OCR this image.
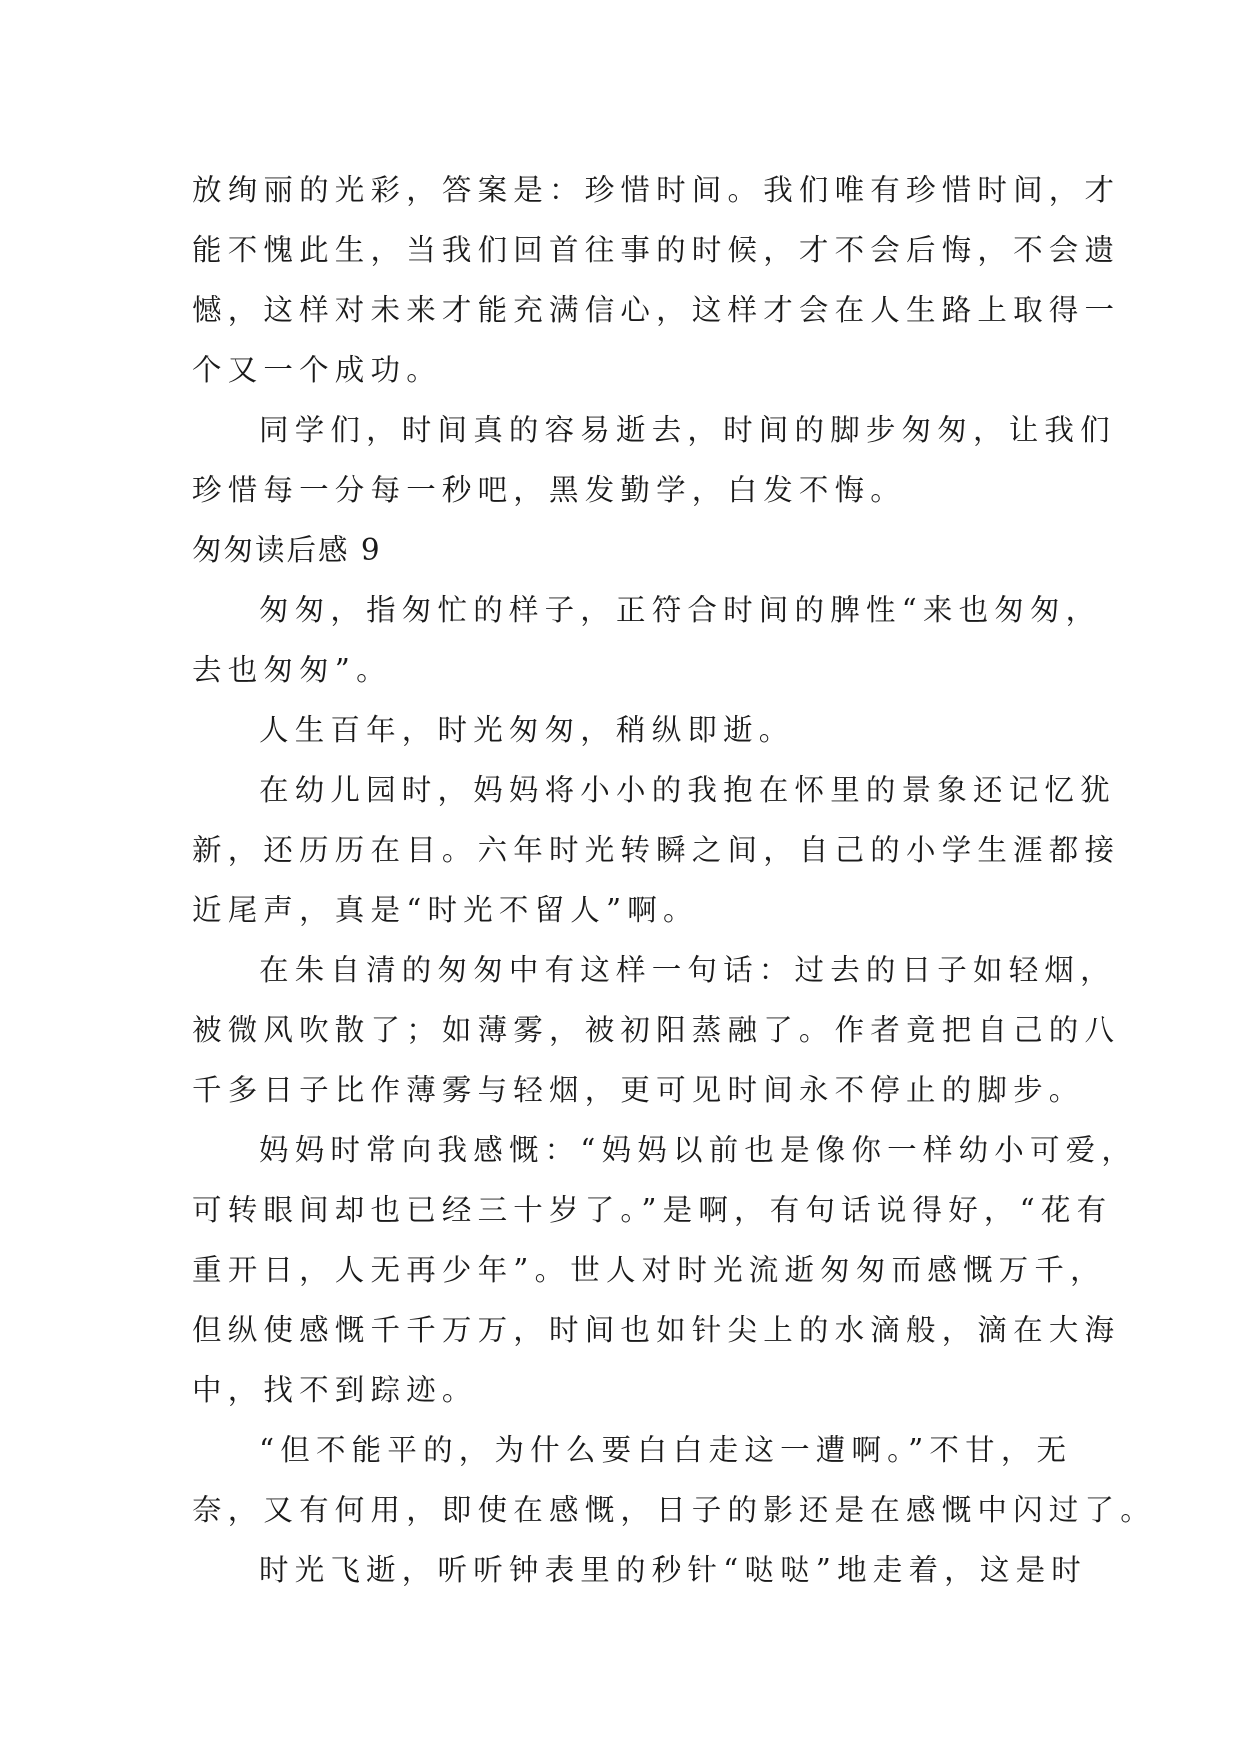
放绚丽的光彩，答案是：珍惜时间。我们唯有珍惜时间，才
能不愧此生，当我们回首往事的时候，才不会后悔，不会遗
憾，这样对未来才能充满信心，这样才会在人生路上取得一
个又一个成功。
同学们，时间真的容易逝去，时间的脚步匆匆，让我们
珍惜每一分每一秒吧，黑发勤学，白发不悔。
匆匆读后感 9
匆匆，指匆忙的样子，正符合时间的脾性“来也匆匆，
去也匆匆”。
人生百年，时光匆匆，稍纵即逝。
在幼儿园时，妈妈将小小的我抱在怀里的景象还记忆犹
新，还历历在目。六年时光转瞬之间，自己的小学生涯都接
近尾声，真是“时光不留人”啊。
在朱自清的匆匆中有这样一句话：过去的日子如轻烟，
被微风吹散了；如薄雾，被初阳蒸融了。作者竟把自己的八
千多日子比作薄雾与轻烟，更可见时间永不停止的脚步。
妈妈时常向我感慨：“妈妈以前也是像你一样幼小可爱，
可转眼间却也已经三十岁了。”是啊，有句话说得好，“花有
重开日，人无再少年”。世人对时光流逝匆匆而感慨万千，
但纵使感慨千千万万，时间也如针尖上的水滴般，滴在大海
中，找不到踪迹。
“但不能平的，为什么要白白走这一遭啊。”不甘，无
奈，又有何用，即使在感慨，日子的影还是在感慨中闪过了。
时光飞逝，听听钟表里的秒针“哒哒”地走着，这是时
